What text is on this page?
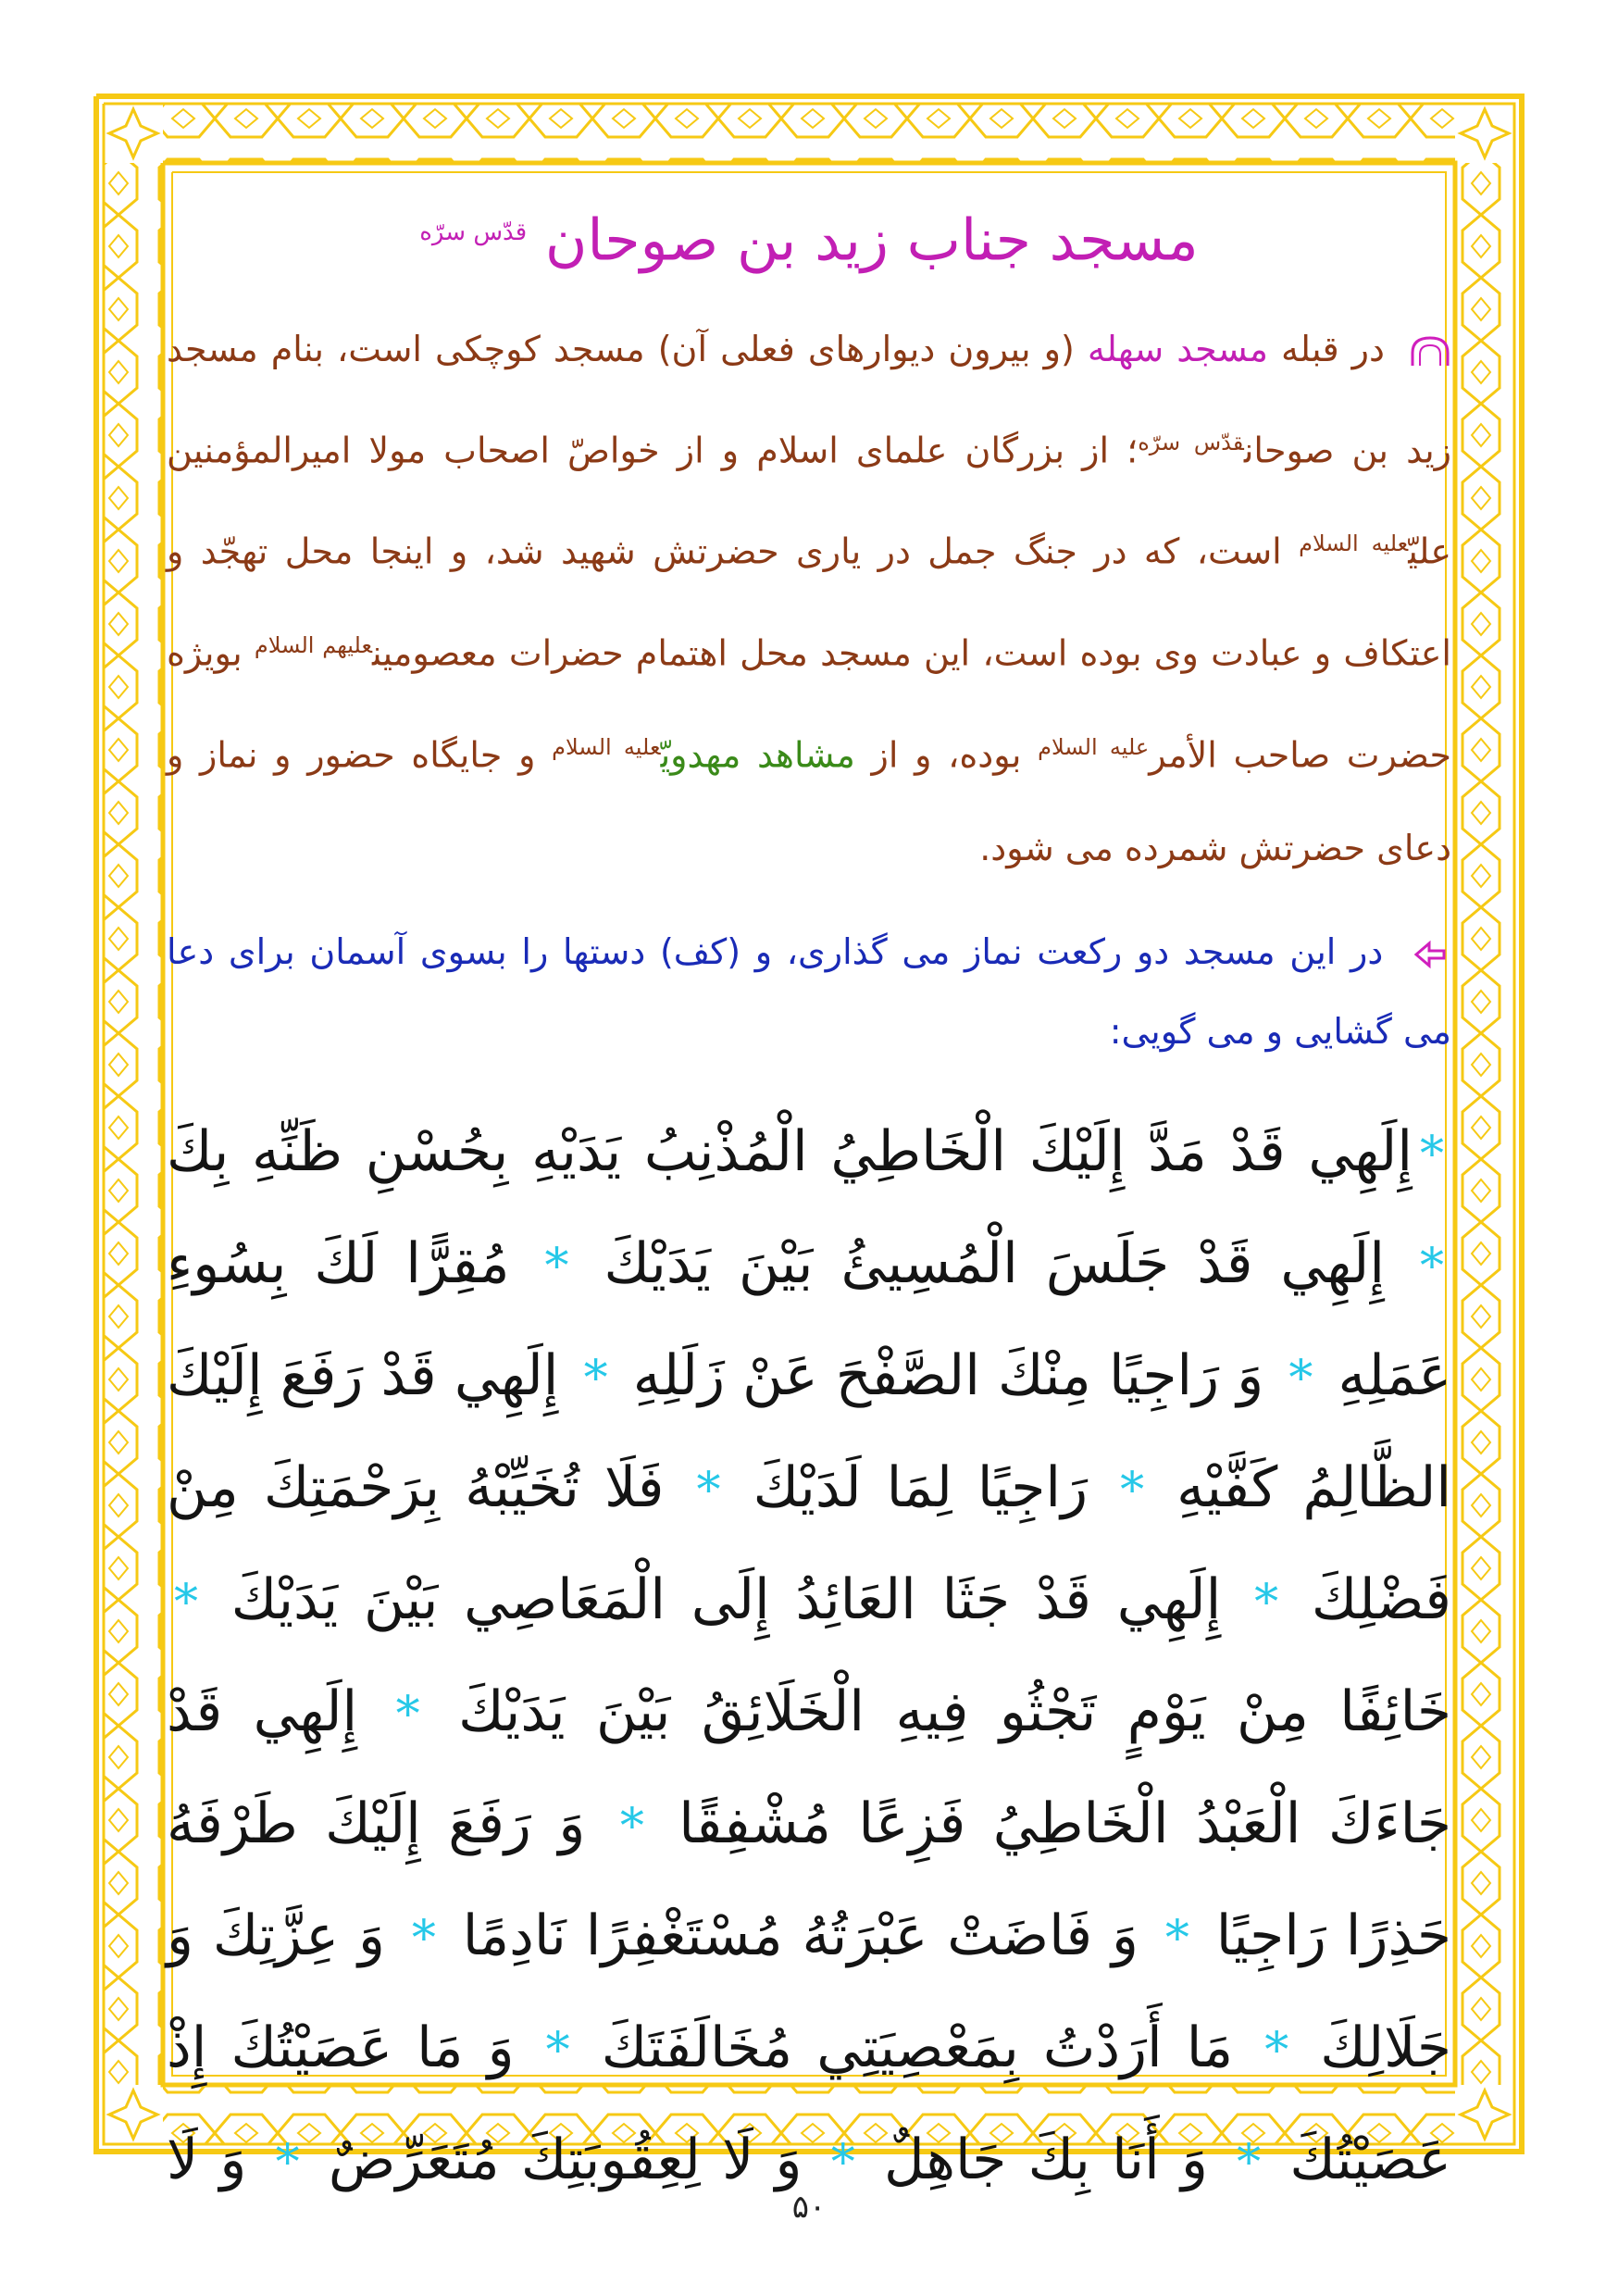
مسجد جناب زید بن صوحان $^{قدّس سرّه}$

در قبله مسجد سهله (و بیرون دیوارهای فعلی آن) مسجد کوچکی است، بنام مسجد زید بن صوحان$^{قدّس سرّه}$؛ از بزرگان علمای اسلام و از خواصّ اصحاب مولا امیرالمؤمنین عليّ$^{عليه السلام}$ است، که در جنگ جمل در یاری حضرتش شهید شد، و اینجا محل تهجّد و اعتکاف و عبادت وی بوده است، این مسجد محل اهتمام حضرات معصومین$^{عليهم السلام}$ بویژه حضرت صاحب الأمر$^{عليه السلام}$ بوده، و از مشاهد مهدويّ$^{عليه السلام}$ و جایگاه حضور و نماز و دعای حضرتش شمرده می شود.

در این مسجد دو رکعت نماز می گذاری، و (کف) دستها را بسوی آسمان برای دعا می گشایی و می گویی:

*إِلَهِي قَدْ مَدَّ إِلَيْكَ الْخَاطِيُ الْمُذْنِبُ يَدَيْهِ بِحُسْنِ ظَنِّهِ بِكَ * إِلَهِي قَدْ جَلَسَ الْمُسِيئُ بَيْنَ يَدَيْكَ * مُقِرًّا لَكَ بِسُوءِ عَمَلِهِ * وَ رَاجِيًا مِنْكَ الصَّفْحَ عَنْ زَلَلِهِ * إِلَهِي قَدْ رَفَعَ إِلَيْكَ الظَّالِمُ كَفَّيْهِ * رَاجِيًا لِمَا لَدَيْكَ * فَلَا تُخَيِّبْهُ بِرَحْمَتِكَ مِنْ فَضْلِكَ * إِلَهِي قَدْ جَثَا العَائِدُ إِلَى الْمَعَاصِي بَيْنَ يَدَيْكَ * خَائِفًا مِنْ يَوْمٍ تَجْثُو فِيهِ الْخَلَائِقُ بَيْنَ يَدَيْكَ * إِلَهِي قَدْ جَاءَكَ الْعَبْدُ الْخَاطِيُ فَزِعًا مُشْفِقًا * وَ رَفَعَ إِلَيْكَ طَرْفَهُ حَذِرًا رَاجِيًا * وَ فَاضَتْ عَبْرَتُهُ مُسْتَغْفِرًا نَادِمًا * وَ عِزَّتِكَ وَ جَلَالِكَ * مَا أَرَدْتُ بِمَعْصِيَتِي مُخَالَفَتَكَ * وَ مَا عَصَيْتُكَ إِذْ عَصَيْتُكَ * وَ أَنَا بِكَ جَاهِلٌ * وَ لَا لِعِقُوبَتِكَ مُتَعَرِّضٌ * وَ لَا

۵۰
